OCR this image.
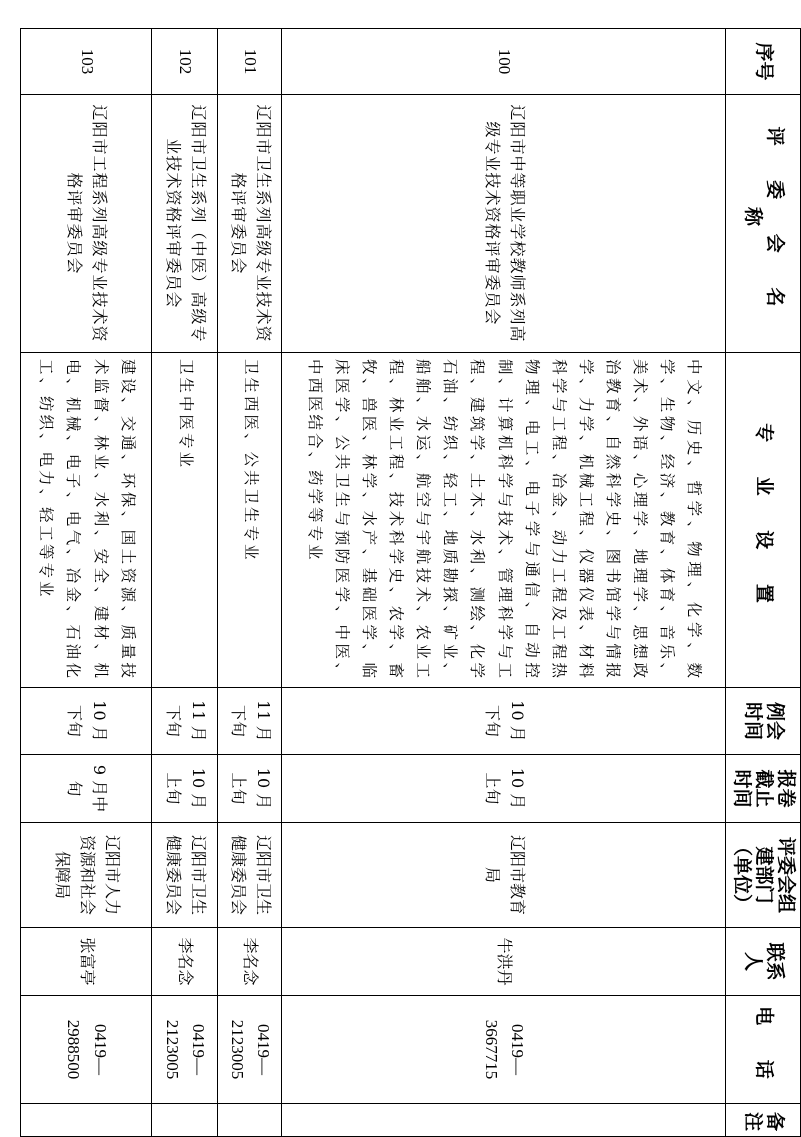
序号	评 委 会 名 称	专 业 设 置	例会时间	报卷截止时间	评委会组建部门（单位）	联系人	电 话	备注
100	辽阳市中等职业学校教师系列高级专业技术资格评审委员会	中文、历史、哲学、物理、化学、数学、生物、经济、教育、体育、音乐、美术、外语、心理学、地理学、思想政治教育、自然科学史、图书馆学与情报学、力学、机械工程、仪器仪表、材料科学与工程、冶金、动力工程及工程热物理、电工、电子学与通信、自动控制、计算机科学与技术、管理科学与工程、建筑学、土木、水利、测绘、化学石油、纺织、轻工、地质勘探、矿业、船舶、水运、航空与宇航技术、农业工程、林业工程、技术科学史、农学、畜牧、兽医、林学、水产、基础医学、临床医学、公共卫生与预防医学、中医、中西医结合、药学等专业	10 月下旬	10 月上旬	辽阳市教育局	牛洪丹	0419—3667715	
101	辽阳市卫生系列高级专业技术资格评审委员会	卫生西医、公共卫生专业	11 月下旬	10 月上旬	辽阳市卫生健康委员会	李名念	0419—2123005	
102	辽阳市卫生系列（中医）高级专业技术资格评审委员会	卫生中医专业	11 月下旬	10 月上旬	辽阳市卫生健康委员会	李名念	0419—2123005	
103	辽阳市工程系列高级专业技术资格评审委员会	建设、交通、环保、国土资源、质量技术监督、林业、水利、安全、建材、机电、机械、电子、电气、冶金、石油化工、纺织、电力、轻工等专业	10 月下旬	9 月中旬	辽阳市人力资源和社会保障局	张富亭	0419—2988500	
